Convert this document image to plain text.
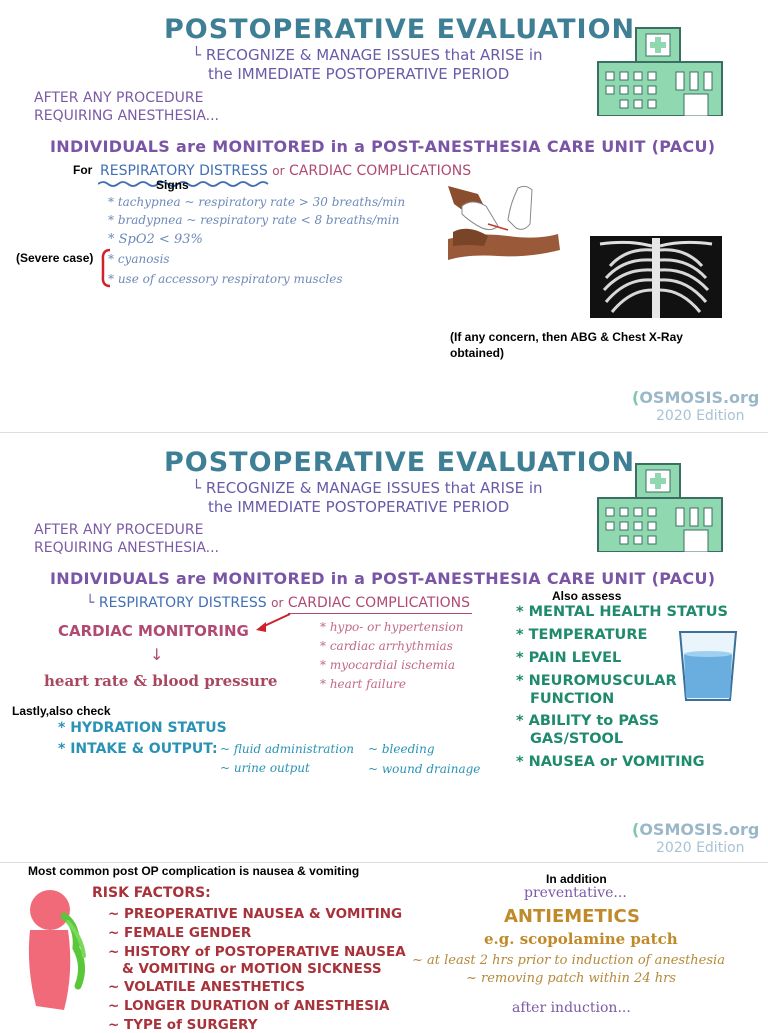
POSTOPERATIVE EVALUATION
└ RECOGNIZE & MANAGE ISSUES that ARISE in
the IMMEDIATE POSTOPERATIVE PERIOD
AFTER ANY PROCEDURE
REQUIRING ANESTHESIA...
INDIVIDUALS are MONITORED in a POST-ANESTHESIA CARE UNIT (PACU)
For RESPIRATORY DISTRESS or CARDIAC COMPLICATIONS
Signs
* tachypnea ~ respiratory rate > 30 breaths/min
* bradypnea ~ respiratory rate < 8 breaths/min
* SpO2 < 93%
* cyanosis
* use of accessory respiratory muscles
(Severe case)
(If any concern, then ABG & Chest X-Ray
obtained)
(OSMOSIS.org
2020 Edition
POSTOPERATIVE EVALUATION
└ RECOGNIZE & MANAGE ISSUES that ARISE in
the IMMEDIATE POSTOPERATIVE PERIOD
AFTER ANY PROCEDURE
REQUIRING ANESTHESIA...
INDIVIDUALS are MONITORED in a POST-ANESTHESIA CARE UNIT (PACU)
└ RESPIRATORY DISTRESS or CARDIAC COMPLICATIONS	Also assess
CARDIAC MONITORING
↓
heart rate & blood pressure
* hypo- or hypertension
* cardiac arrhythmias
* myocardial ischemia
* heart failure
* MENTAL HEALTH STATUS
* TEMPERATURE
* PAIN LEVEL
* NEUROMUSCULAR
FUNCTION
* ABILITY to PASS
GAS/STOOL
* NAUSEA or VOMITING
Lastly,also check
* HYDRATION STATUS
* INTAKE & OUTPUT: ~ fluid administration
~ urine output
~ bleeding
~ wound drainage
(OSMOSIS.org
2020 Edition
Most common post OP complication is nausea & vomiting
RISK FACTORS:
~ PREOPERATIVE NAUSEA & VOMITING
~ FEMALE GENDER
~ HISTORY of POSTOPERATIVE NAUSEA
& VOMITING or MOTION SICKNESS
~ VOLATILE ANESTHETICS
~ LONGER DURATION of ANESTHESIA
~ TYPE of SURGERY
In addition
preventative...
ANTIEMETICS
e.g. scopolamine patch
~ at least 2 hrs prior to induction of anesthesia
~ removing patch within 24 hrs
after induction...
